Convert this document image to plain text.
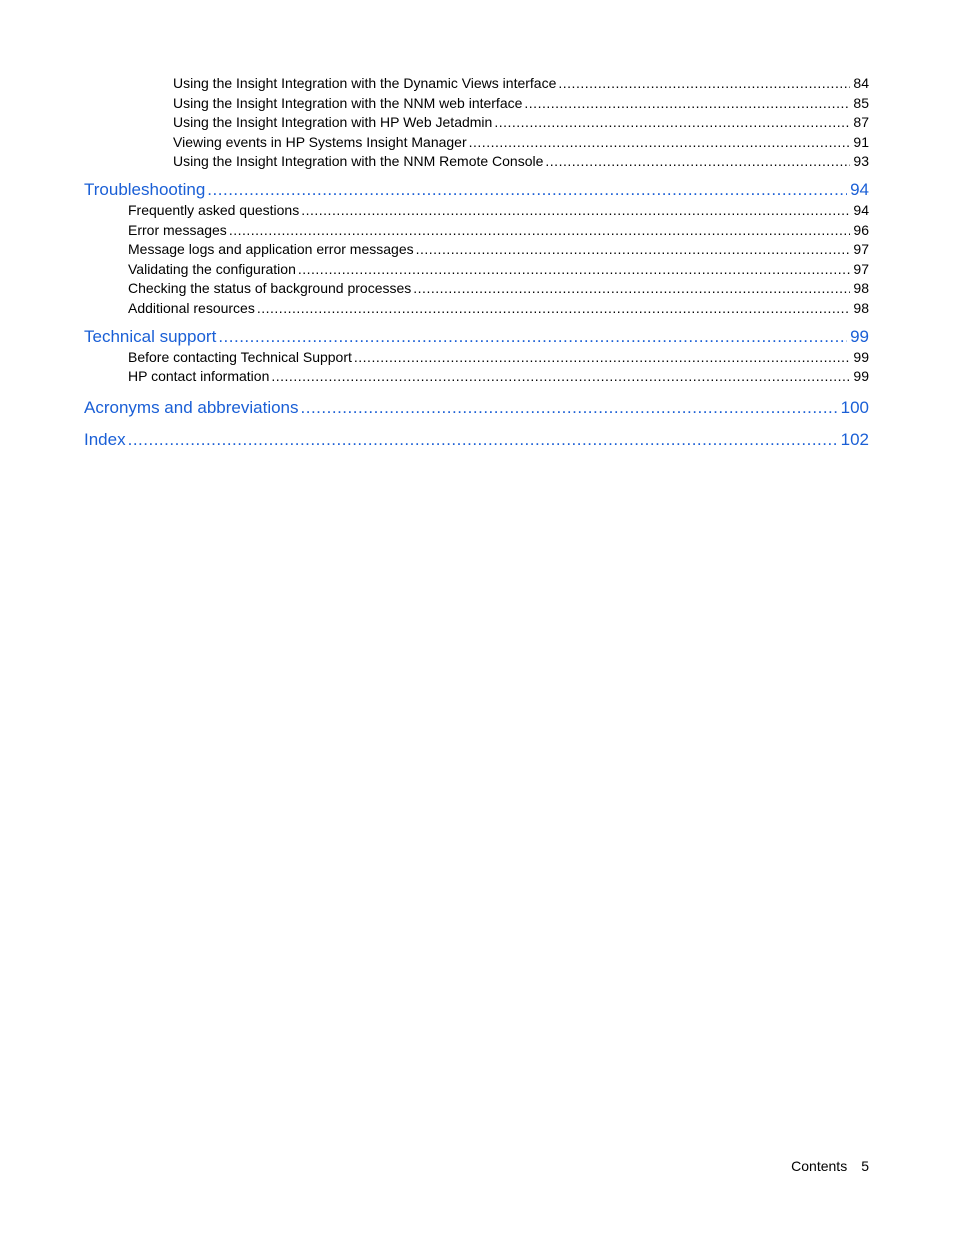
Using the Insight Integration with the Dynamic Views interface .....	84
Using the Insight Integration with the NNM web interface .....	85
Using the Insight Integration with HP Web Jetadmin .....	87
Viewing events in HP Systems Insight Manager .....	91
Using the Insight Integration with the NNM Remote Console .....	93
Troubleshooting .....	94
Frequently asked questions .....	94
Error messages .....	96
Message logs and application error messages .....	97
Validating the configuration .....	97
Checking the status of background processes .....	98
Additional resources .....	98
Technical support .....	99
Before contacting Technical Support .....	99
HP contact information .....	99
Acronyms and abbreviations .....	100
Index .....	102
Contents 5
